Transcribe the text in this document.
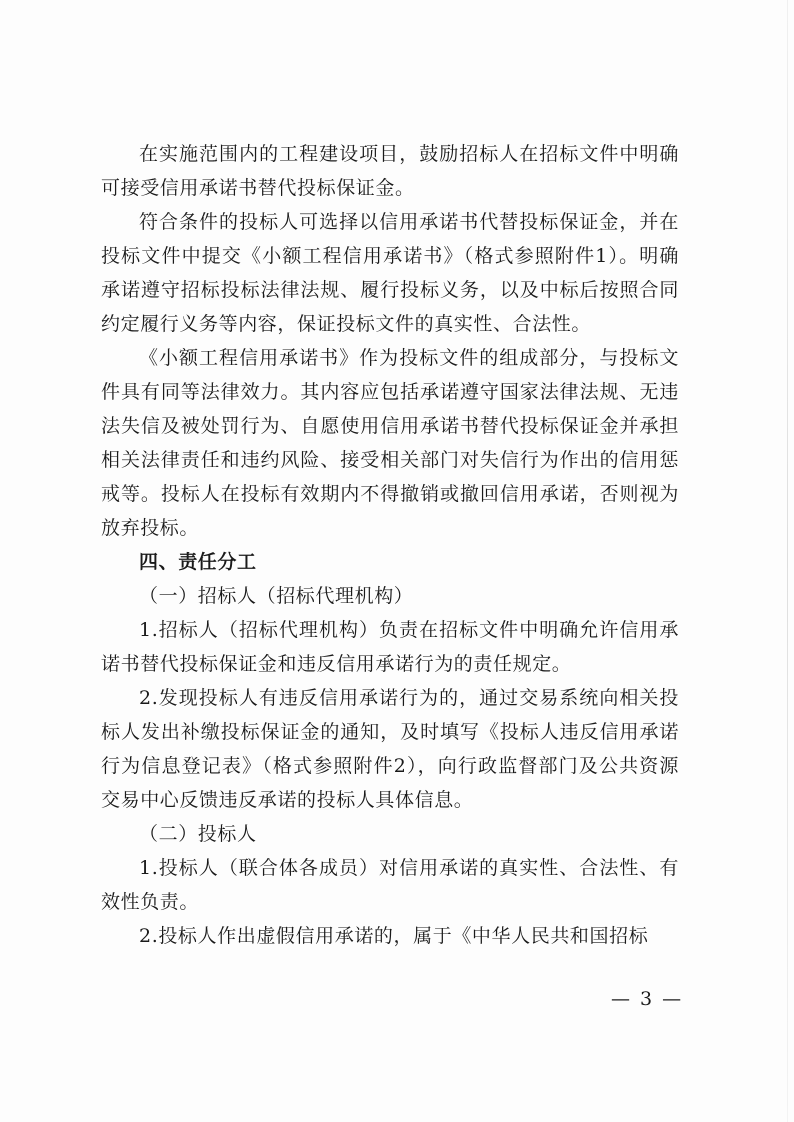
在实施范围内的工程建设项目，鼓励招标人在招标文件中明确可接受信用承诺书替代投标保证金。

符合条件的投标人可选择以信用承诺书代替投标保证金，并在投标文件中提交《小额工程信用承诺书》（格式参照附件1）。明确承诺遵守招标投标法律法规、履行投标义务，以及中标后按照合同约定履行义务等内容，保证投标文件的真实性、合法性。

《小额工程信用承诺书》作为投标文件的组成部分，与投标文件具有同等法律效力。其内容应包括承诺遵守国家法律法规、无违法失信及被处罚行为、自愿使用信用承诺书替代投标保证金并承担相关法律责任和违约风险、接受相关部门对失信行为作出的信用惩戒等。投标人在投标有效期内不得撤销或撤回信用承诺，否则视为放弃投标。

四、责任分工

（一）招标人（招标代理机构）

1.招标人（招标代理机构）负责在招标文件中明确允许信用承诺书替代投标保证金和违反信用承诺行为的责任规定。

2.发现投标人有违反信用承诺行为的，通过交易系统向相关投标人发出补缴投标保证金的通知，及时填写《投标人违反信用承诺行为信息登记表》（格式参照附件2），向行政监督部门及公共资源交易中心反馈违反承诺的投标人具体信息。

（二）投标人

1.投标人（联合体各成员）对信用承诺的真实性、合法性、有效性负责。

2.投标人作出虚假信用承诺的，属于《中华人民共和国招标

— 3 —
